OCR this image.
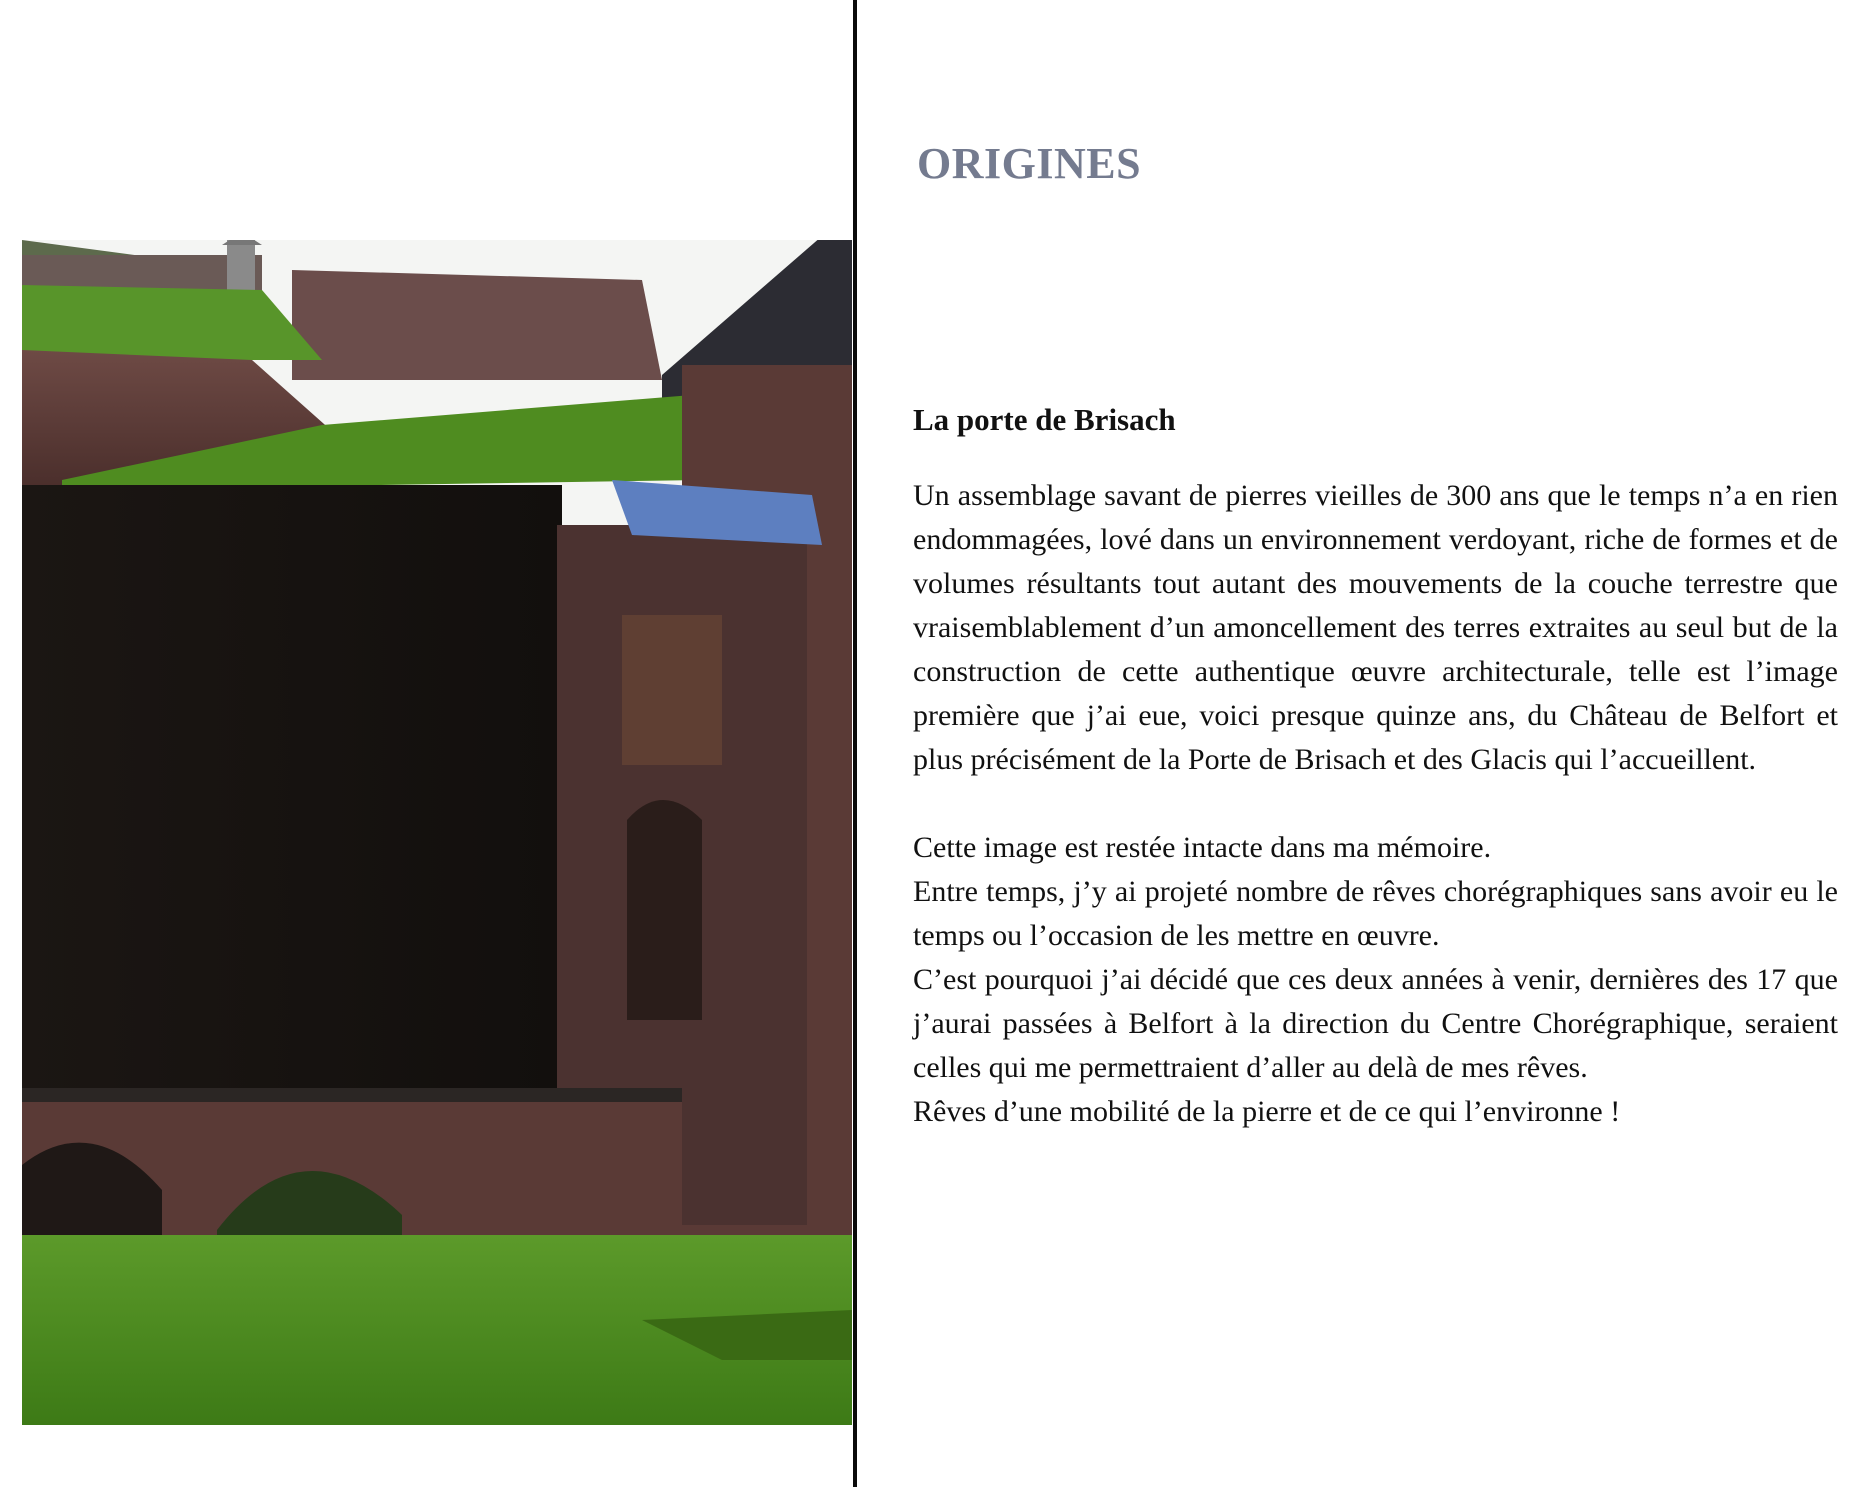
ORIGINES

La porte de Brisach

Un assemblage savant de pierres vieilles de 300 ans que le temps n’a en rien endommagées, lové dans un environnement verdoyant, riche de formes et de volumes résultants tout autant des mouvements de la couche terrestre que vraisemblablement d’un amoncellement des terres extraites au seul but de la construction de cette authentique œuvre architecturale, telle est l’image première que j’ai eue, voici presque quinze ans, du Château de Belfort et plus précisément de la Porte de Brisach et des Glacis qui l’accueillent.

Cette image est restée intacte dans ma mémoire.

Entre temps, j’y ai projeté nombre de rêves chorégraphiques sans avoir eu le temps ou l’occasion de les mettre en œuvre.

C’est pourquoi j’ai décidé que ces deux années à venir, dernières des 17 que j’aurai passées à Belfort à la direction du Centre Chorégraphique, seraient celles qui me permettraient d’aller au delà de mes rêves.

Rêves d’une mobilité de la pierre et de ce qui l’environne !
